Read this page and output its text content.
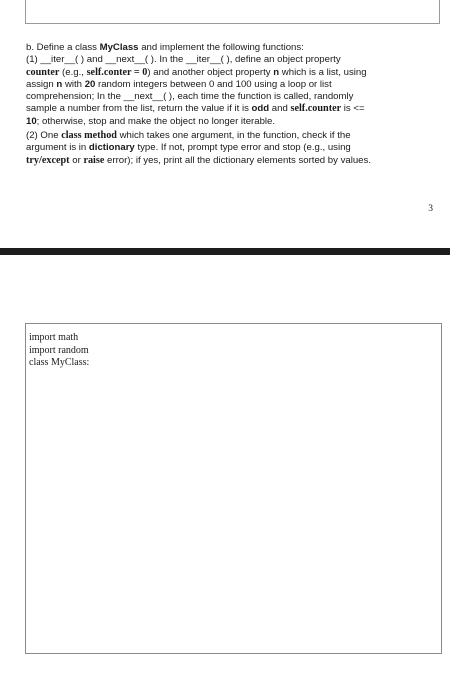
b. Define a class MyClass and implement the following functions:

(1) __iter__( ) and __next__( ). In the __iter__( ), define an object property
counter (e.g., self.conter = 0) and another object property n which is a list, using
assign n with 20 random integers between 0 and 100 using a loop or list
comprehension; In the __next__( ), each time the function is called, randomly
sample a number from the list, return the value if it is odd and self.counter is <=
10; otherwise, stop and make the object no longer iterable.

(2) One class method which takes one argument, in the function, check if the
argument is in dictionary type. If not, prompt type error and stop (e.g., using
try/except or raise error); if yes, print all the dictionary elements sorted by values.

3
import math
import random
class MyClass:
